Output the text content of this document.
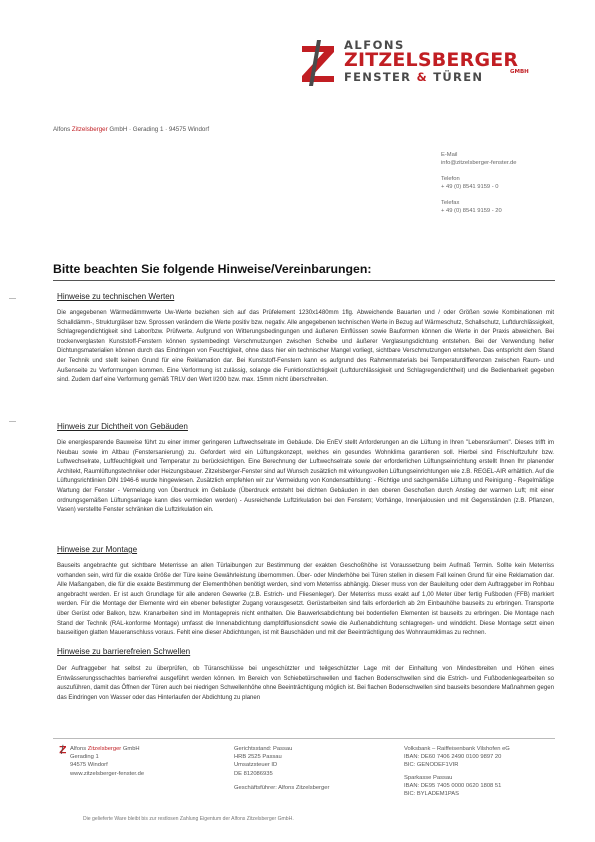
ALFONS
ZITZELSBERGER
FENSTER & TÜREN	GMBH
Alfons Zitzelsberger GmbH · Gerading 1 · 94575 Windorf
E-Mail
info@zitzelsberger-fenster.de
Telefon
+ 49 (0) 8541 9159 - 0
Telefax
+ 49 (0) 8541 9159 - 20
Bitte beachten Sie folgende Hinweise/Vereinbarungen:
Hinweise zu technischen Werten

Die angegebenen Wärmedämmwerte Uw-Werte beziehen sich auf das Prüfelement 1230x1480mm 1flg. Abweichende Bauarten und / oder Größen sowie Kombinationen mit Schalldämm-, Strukturgläser bzw. Sprossen verändern die Werte positiv bzw. negativ. Alle angegebenen technischen Werte in Bezug auf Wärmeschutz, Schallschutz, Luftdurchlässigkeit, Schlagregendichtigkeit sind Labor/bzw. Prüfwerte. Aufgrund von Witterungsbedingungen und äußeren Einflüssen sowie Bauformen können die Werte in der Praxis abweichen. Bei trockenverglasten Kunststoff-Fenstern können systembedingt Verschmutzungen zwischen Scheibe und äußerer Verglasungsdichtung entstehen. Bei der Verwendung heller Dichtungsmaterialien können durch das Eindringen von Feuchtigkeit, ohne dass hier ein technischer Mangel vorliegt, sichtbare Verschmutzungen entstehen. Das entspricht dem Stand der Technik und stellt keinen Grund für eine Reklamation dar. Bei Kunststoff-Fenstern kann es aufgrund des Rahmenmaterials bei Temperaturdifferenzen zwischen Raum- und Außenseite zu Verformungen kommen. Eine Verformung ist zulässig, solange die Funktionstüchtigkeit (Luftdurchlässigkeit und Schlagregendichtheit) und die Bedienbarkeit gegeben sind. Zudem darf eine Verformung gemäß TRLV den Wert l/200 bzw. max. 15mm nicht überschreiten.

Hinweis zur Dichtheit von Gebäuden

Die energiesparende Bauweise führt zu einer immer geringeren Luftwechselrate im Gebäude. Die EnEV stellt Anforderungen an die Lüftung in Ihren "Lebensräumen". Dieses trifft im Neubau sowie im Altbau (Fenstersanierung) zu. Gefordert wird ein Lüftungskonzept, welches ein gesundes Wohnklima garantieren soll. Hierbei sind Frischluftzufuhr bzw. Luftwechselrate, Luftfeuchtigkeit und Temperatur zu berücksichtigen. Eine Berechnung der Luftwechselrate sowie der erforderlichen Lüftungseinrichtung erstellt Ihnen Ihr planender Architekt, Raumlüftungstechniker oder Heizungsbauer. Zitzelsberger-Fenster sind auf Wunsch zusätzlich mit wirkungsvollen Lüftungseinrichtungen wie z.B. REGEL-AIR erhältlich. Auf die Lüftungsrichtlinien DIN 1946-6 wurde hingewiesen. Zusätzlich empfehlen wir zur Vermeidung von Kondensatbildung: - Richtige und sachgemäße Lüftung und Reinigung - Regelmäßige Wartung der Fenster - Vermeidung von Überdruck im Gebäude (Überdruck entsteht bei dichten Gebäuden in den oberen Geschoßen durch Anstieg der warmen Luft; mit einer ordnungsgemäßen Lüftungsanlage kann dies vermieden werden) - Ausreichende Luftzirkulation bei den Fenstern; Vorhänge, Innenjalousien und mit Gegenständen (z.B. Pflanzen, Vasen) verstellte Fenster schränken die Luftzirkulation ein.

Hinweise zur Montage

Bauseits angebrachte gut sichtbare Meterrisse an allen Türlaibungen zur Bestimmung der exakten Geschoßhöhe ist Voraussetzung beim Aufmaß Termin. Sollte kein Meterriss vorhanden sein, wird für die exakte Größe der Türe keine Gewährleistung übernommen. Über- oder Minderhöhe bei Türen stellen in diesem Fall keinen Grund für eine Reklamation dar. Alle Maßangaben, die für die exakte Bestimmung der Elementhöhen benötigt werden, sind vom Meterriss abhängig. Dieser muss von der Bauleitung oder dem Auftraggeber im Rohbau angebracht werden. Er ist auch Grundlage für alle anderen Gewerke (z.B. Estrich- und Fliesenleger). Der Meterriss muss exakt auf 1,00 Meter über fertig Fußboden (FFB) markiert werden. Für die Montage der Elemente wird ein ebener befestigter Zugang vorausgesetzt. Gerüstarbeiten sind falls erforderlich ab 2m Einbauhöhe bauseits zu erbringen. Transporte über Gerüst oder Balkon, bzw. Kranarbeiten sind im Montagepreis nicht enthalten. Die Bauwerksabdichtung bei bodentiefen Elementen ist bauseits zu erbringen. Die Montage nach Stand der Technik (RAL-konforme Montage) umfasst die Innenabdichtung dampfdiffusionsdicht sowie die Außenabdichtung schlagregen- und winddicht. Diese Montage setzt einen bauseitigen glatten Maueranschluss voraus. Fehlt eine dieser Abdichtungen, ist mit Bauschäden und mit der Beeinträchtigung des Wohnraumklimas zu rechnen.

Hinweise zu barrierefreien Schwellen

Der Auftraggeber hat selbst zu überprüfen, ob Türanschlüsse bei ungeschützter und teilgeschützter Lage mit der Einhaltung von Mindestbreiten und Höhen eines Entwässerungsschachtes barrierefrei ausgeführt werden können. Im Bereich von Schiebetürschwellen und flachen Bodenschwellen sind die Estrich- und Fußbodenlegearbeiten so auszuführen, damit das Öffnen der Türen auch bei niedrigen Schwellenhöhe ohne Beeinträchtigung möglich ist. Bei flachen Bodenschwellen sind bauseits besondere Maßnahmen gegen das Eindringen von Wasser oder das Hinterlaufen der Abdichtung zu planen

Alfons Zitzelsberger GmbH
Gerading 1
94575 Windorf
www.zitzelsberger-fenster.de
Gerichtsstand: Passau
HRB 2525 Passau
Umsatzsteuer ID
DE 812086935
Geschäftsführer: Alfons Zitzelsberger
Volksbank – Raiffeisenbank Vilshofen eG
IBAN: DE60 7406 2490 0100 9897 20
BIC: GENODEF1VIR
Sparkasse Passau
IBAN: DE95 7405 0000 0620 1808 51
BIC: BYLADEM1PAS
Die gelieferte Ware bleibt bis zur restlosen Zahlung Eigentum der Alfons Zitzelsberger GmbH.
